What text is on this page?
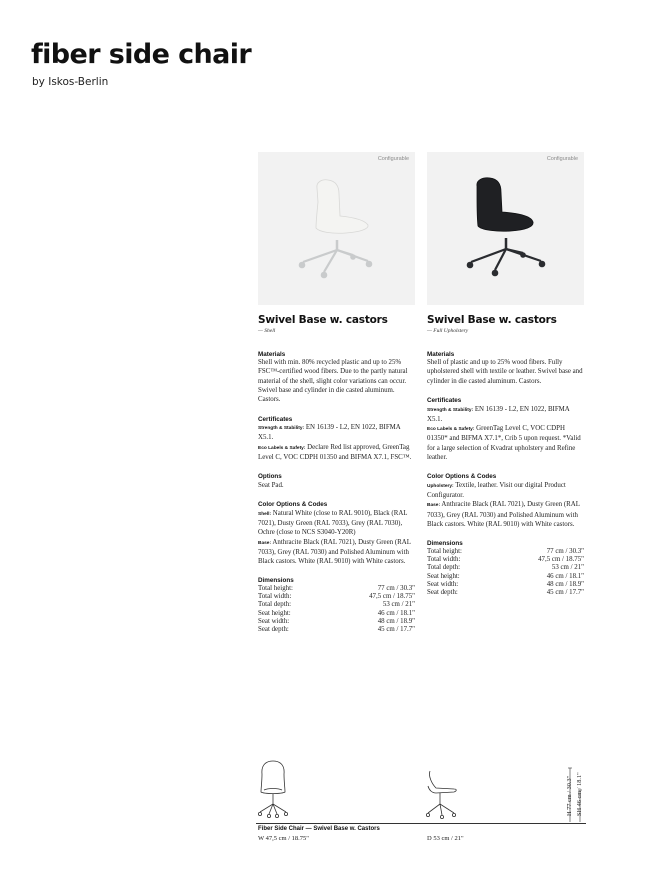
fiber side chair
by Iskos-Berlin
Configurable
Swivel Base w. castors
— Shell
Materials
Shell with min. 80% recycled plastic and up to 25% FSC™-certified wood fibers. Due to the partly natural material of the shell, slight color variations can occur. Swivel base and cylinder in die casted aluminum. Castors.
Certificates
Strength & Stability: EN 16139 - L2, EN 1022, BIFMA X5.1.
Eco Labels & Safety: Declare Red list approved, GreenTag Level C, VOC CDPH 01350 and BIFMA X7.1, FSC™.
Options
Seat Pad.
Color Options & Codes
Shell: Natural White (close to RAL 9010), Black (RAL 7021), Dusty Green (RAL 7033), Grey (RAL 7030), Ochre (close to NCS S3040-Y20R)
Base: Anthracite Black (RAL 7021), Dusty Green (RAL 7033), Grey (RAL 7030) and Polished Aluminum with Black castors. White (RAL 9010) with White castors.
Dimensions
Total height:	77 cm / 30.3"
Total width:	47,5 cm / 18.75"
Total depth:	53 cm / 21"
Seat height:	46 cm / 18.1"
Seat width:	48 cm / 18.9"
Seat depth:	45 cm / 17.7"
Configurable
Swivel Base w. castors
— Full Upholstery
Materials
Shell of plastic and up to 25% wood fibers. Fully upholstered shell with textile or leather. Swivel base and cylinder in die casted aluminum. Castors.
Certificates
Strength & Stability: EN 16139 - L2, EN 1022, BIFMA X5.1.
Eco Labels & Safety: GreenTag Level C, VOC CDPH 01350* and BIFMA X7.1*, Crib 5 upon request. *Valid for a large selection of Kvadrat upholstery and Refine leather.
Color Options & Codes
Upholstery: Textile, leather. Visit our digital Product Configurator.
Base: Anthracite Black (RAL 7021), Dusty Green (RAL 7033), Grey (RAL 7030) and Polished Aluminum with Black castors. White (RAL 9010) with White castors.
Dimensions
Total height:	77 cm / 30.3"
Total width:	47,5 cm / 18.75"
Total depth:	53 cm / 21"
Seat height:	46 cm / 18.1"
Seat width:	48 cm / 18.9"
Seat depth:	45 cm / 17.7"
H 77 cm / 30.3" SH 46 cm / 18.1"
Fiber Side Chair — Swivel Base w. Castors
W 47,5 cm / 18.75"	D 53 cm / 21"
